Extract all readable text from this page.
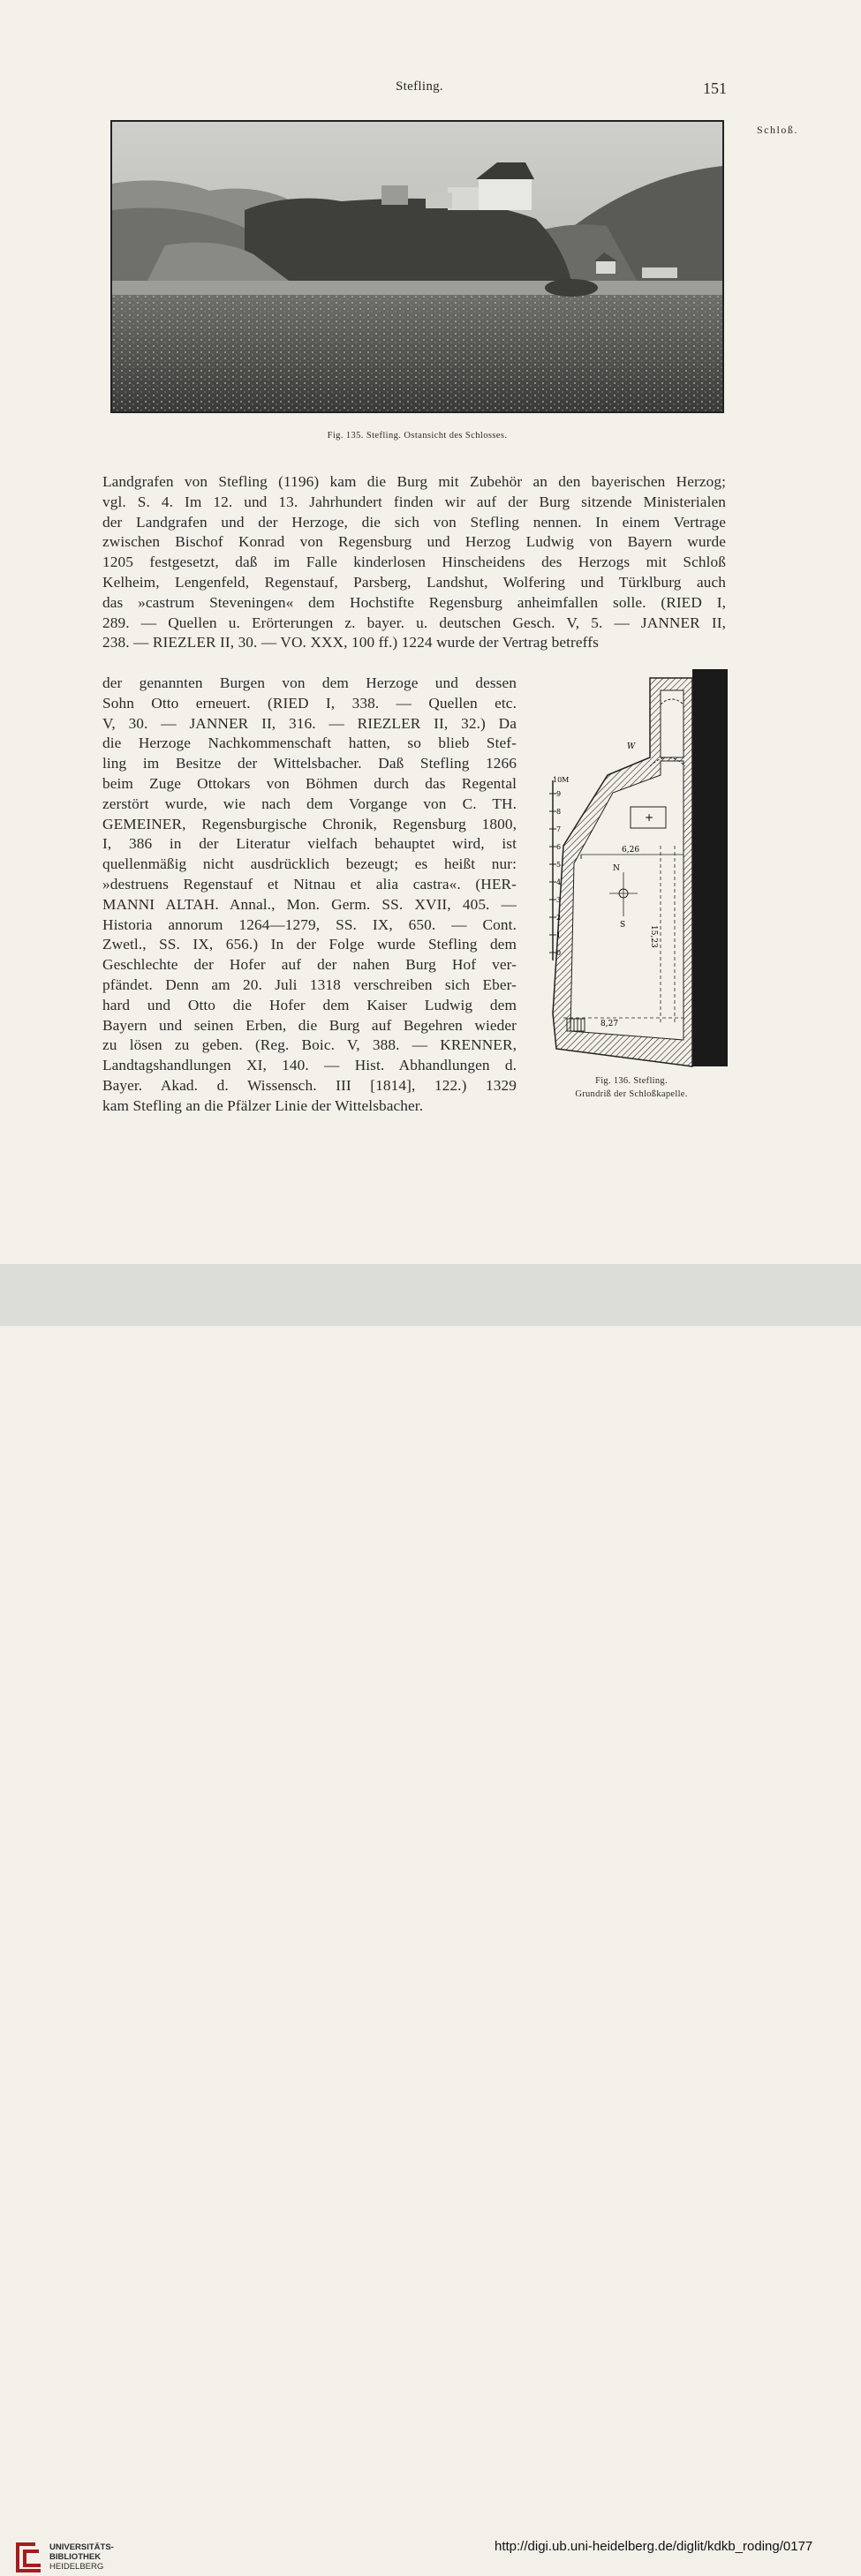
Stefling.	151
Schloß.
Fig. 135. Stefling. Ostansicht des Schlosses.
Landgrafen von Stefling (1196) kam die Burg mit Zubehör an den bayerischen Herzog;
vgl. S. 4. Im 12. und 13. Jahrhundert finden wir auf der Burg sitzende Ministerialen
der Landgrafen und der Herzoge, die sich von Stefling nennen. In einem Vertrage
zwischen Bischof Konrad von Regensburg und Herzog Ludwig von Bayern wurde
1205 festgesetzt, daß im Falle kinderlosen Hinscheidens des Herzogs mit Schloß
Kelheim, Lengenfeld, Regenstauf, Parsberg, Landshut, Wolfering und Türklburg auch
das »castrum Steveningen« dem Hochstifte Regensburg anheimfallen solle. (RIED I,
289. — Quellen u. Erörterungen z. bayer. u. deutschen Gesch. V, 5. — JANNER II,
238. — RIEZLER II, 30. — VO. XXX, 100 ff.) 1224 wurde der Vertrag betreffs
der genannten Burgen von dem Herzoge und dessen
Sohn Otto erneuert. (RIED I, 338. — Quellen etc.
V, 30. — JANNER II, 316. — RIEZLER II, 32.) Da
die Herzoge Nachkommenschaft hatten, so blieb Stef-
ling im Besitze der Wittelsbacher. Daß Stefling 1266
beim Zuge Ottokars von Böhmen durch das Regental
zerstört wurde, wie nach dem Vorgange von C. TH.
GEMEINER, Regensburgische Chronik, Regensburg 1800,
I, 386 in der Literatur vielfach behauptet wird, ist
quellenmäßig nicht ausdrücklich bezeugt; es heißt nur:
»destruens Regenstauf et Nitnau et alia castra«. (HER-
MANNI ALTAH. Annal., Mon. Germ. SS. XVII, 405. —
Historia annorum 1264—1279, SS. IX, 650. — Cont.
Zwetl., SS. IX, 656.) In der Folge wurde Stefling dem
Geschlechte der Hofer auf der nahen Burg Hof ver-
pfändet. Denn am 20. Juli 1318 verschreiben sich Eber-
hard und Otto die Hofer dem Kaiser Ludwig dem
Bayern und seinen Erben, die Burg auf Begehren wieder
zu lösen zu geben. (Reg. Boic. V, 388. — KRENNER,
Landtagshandlungen XI, 140. — Hist. Abhandlungen d.
Bayer. Akad. d. Wissensch. III [1814], 122.) 1329
kam Stefling an die Pfälzer Linie der Wittelsbacher.
+
6,26
15,23
8,27
N
S
9
8
7
6
5
4
3
2
1
0
10M
W
Fig. 136. Stefling.
Grundriß der Schloßkapelle.
UNIVERSITÄTS-
BIBLIOTHEK
HEIDELBERG
http://digi.ub.uni-heidelberg.de/diglit/kdkb_roding/0177
